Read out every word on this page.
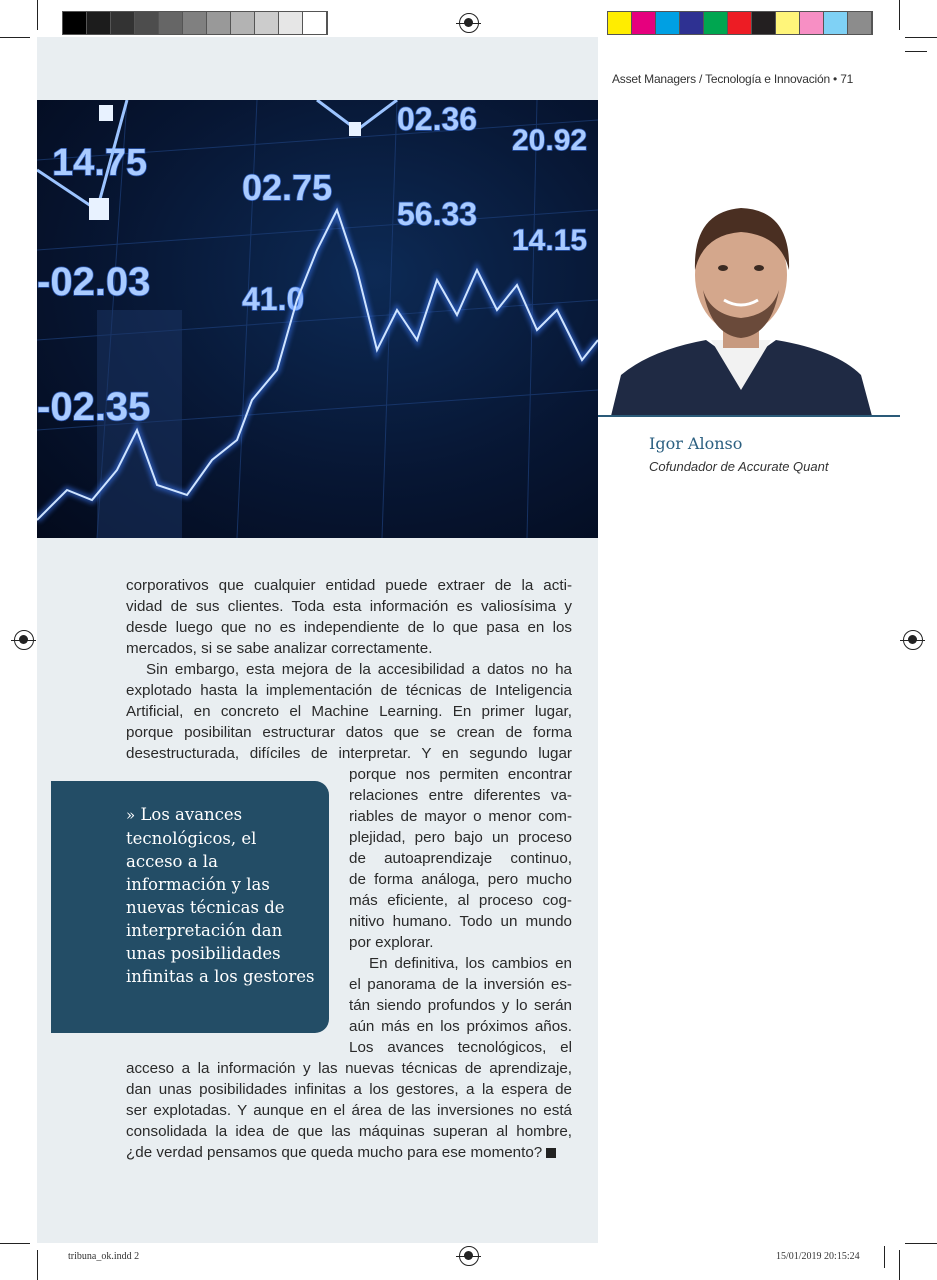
Asset Managers / Tecnología e Innovación • 71
14.75
02.75
56.33
02.36
20.92
-02.03	41.0
-02.35
14.15
Igor Alonso
Cofundador de Accurate Quant
» Los avances tecnológicos, el acceso a la información y las nuevas técnicas de interpretación dan unas posibilidades infinitas a los gestores
corporativos que cualquier entidad puede extraer de la acti-
vidad de sus clientes. Toda esta información es valiosísima y
desde luego que no es independiente de lo que pasa en los
mercados, si se sabe analizar correctamente.
Sin embargo, esta mejora de la accesibilidad a datos no ha
explotado hasta la implementación de técnicas de Inteligencia
Artificial, en concreto el Machine Learning. En primer lugar,
porque posibilitan estructurar datos que se crean de forma
desestructurada, difíciles de interpretar. Y en segundo lugar
porque nos permiten encontrar
relaciones entre diferentes va-
riables de mayor o menor com-
plejidad, pero bajo un proceso
de autoaprendizaje continuo,
de forma análoga, pero mucho
más eficiente, al proceso cog-
nitivo humano. Todo un mundo
por explorar.
En definitiva, los cambios en
el panorama de la inversión es-
tán siendo profundos y lo serán
aún más en los próximos años.
Los avances tecnológicos, el
acceso a la información y las nuevas técnicas de aprendizaje,
dan unas posibilidades infinitas a los gestores, a la espera de
ser explotadas. Y aunque en el área de las inversiones no está
consolidada la idea de que las máquinas superan al hombre,
¿de verdad pensamos que queda mucho para ese momento?
tribuna_ok.indd 2	15/01/2019 20:15:24
